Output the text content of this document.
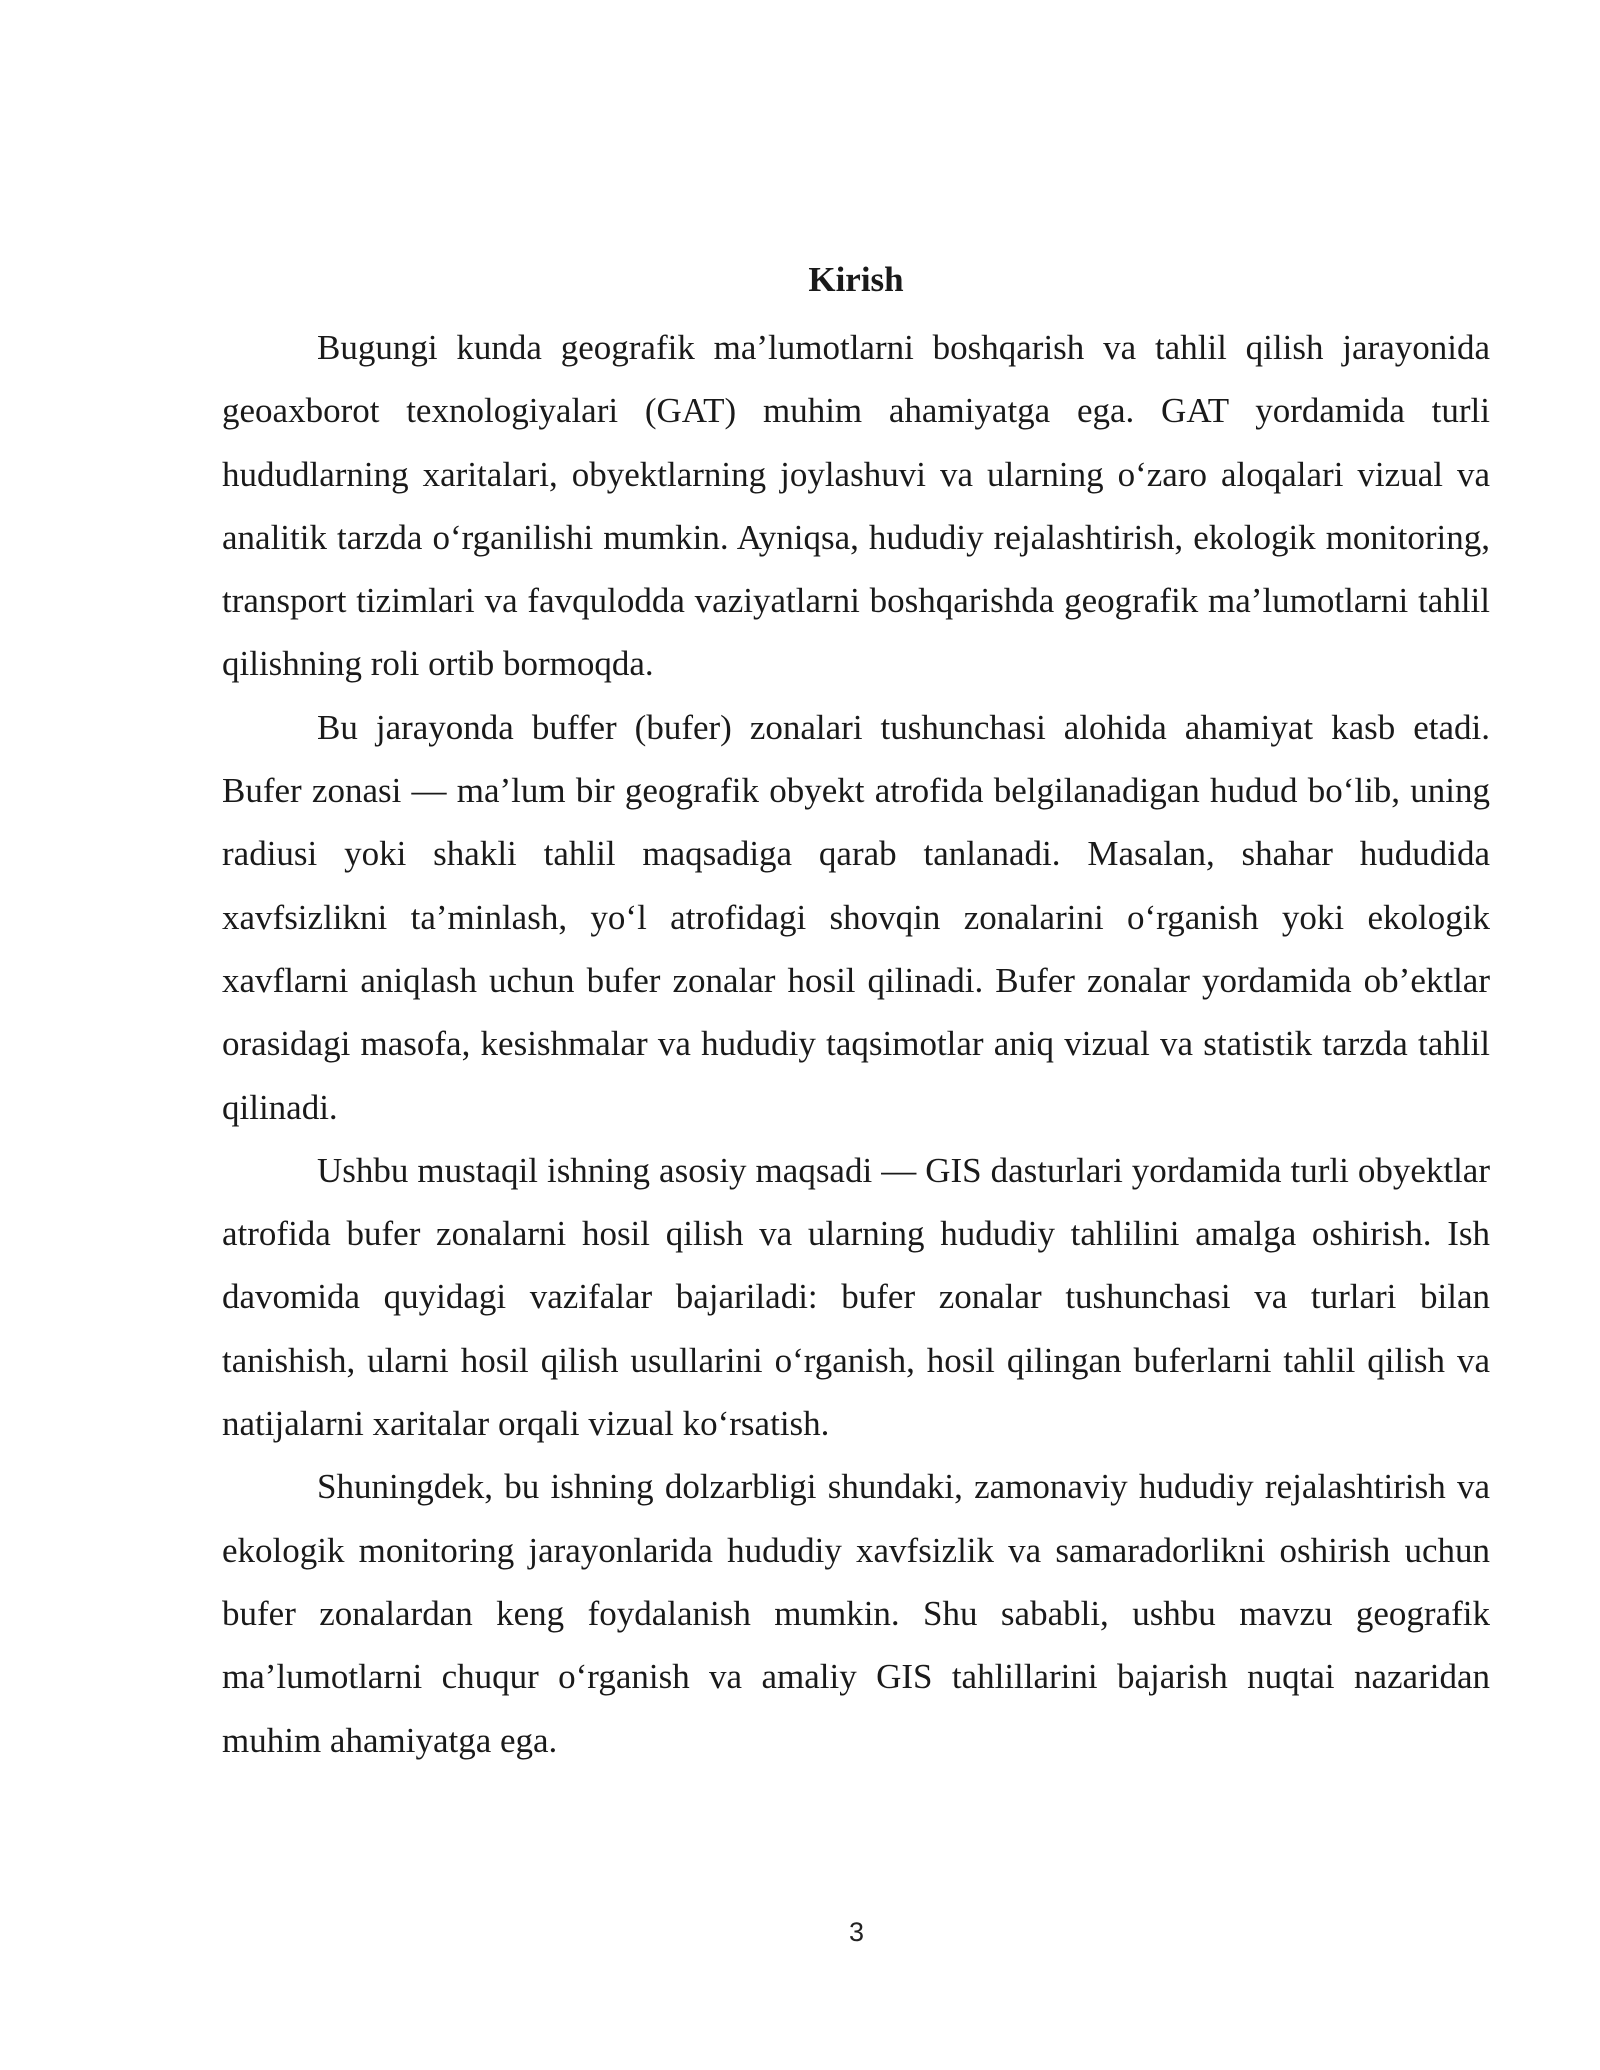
Kirish

Bugungi kunda geografik ma’lumotlarni boshqarish va tahlil qilish jarayonida geoaxborot texnologiyalari (GAT) muhim ahamiyatga ega. GAT yordamida turli hududlarning xaritalari, obyektlarning joylashuvi va ularning o‘zaro aloqalari vizual va analitik tarzda o‘rganilishi mumkin. Ayniqsa, hududiy rejalashtirish, ekologik monitoring, transport tizimlari va favqulodda vaziyatlarni boshqarishda geografik ma’lumotlarni tahlil qilishning roli ortib bormoqda.

Bu jarayonda buffer (bufer) zonalari tushunchasi alohida ahamiyat kasb etadi. Bufer zonasi — ma’lum bir geografik obyekt atrofida belgilanadigan hudud bo‘lib, uning radiusi yoki shakli tahlil maqsadiga qarab tanlanadi. Masalan, shahar hududida xavfsizlikni ta’minlash, yo‘l atrofidagi shovqin zonalarini o‘rganish yoki ekologik xavflarni aniqlash uchun bufer zonalar hosil qilinadi. Bufer zonalar yordamida ob’ektlar orasidagi masofa, kesishmalar va hududiy taqsimotlar aniq vizual va statistik tarzda tahlil qilinadi.

Ushbu mustaqil ishning asosiy maqsadi — GIS dasturlari yordamida turli obyektlar atrofida bufer zonalarni hosil qilish va ularning hududiy tahlilini amalga oshirish. Ish davomida quyidagi vazifalar bajariladi: bufer zonalar tushunchasi va turlari bilan tanishish, ularni hosil qilish usullarini o‘rganish, hosil qilingan buferlarni tahlil qilish va natijalarni xaritalar orqali vizual ko‘rsatish.

Shuningdek, bu ishning dolzarbligi shundaki, zamonaviy hududiy rejalashtirish va ekologik monitoring jarayonlarida hududiy xavfsizlik va samaradorlikni oshirish uchun bufer zonalardan keng foydalanish mumkin. Shu sababli, ushbu mavzu geografik ma’lumotlarni chuqur o‘rganish va amaliy GIS tahlillarini bajarish nuqtai nazaridan muhim ahamiyatga ega.

3
